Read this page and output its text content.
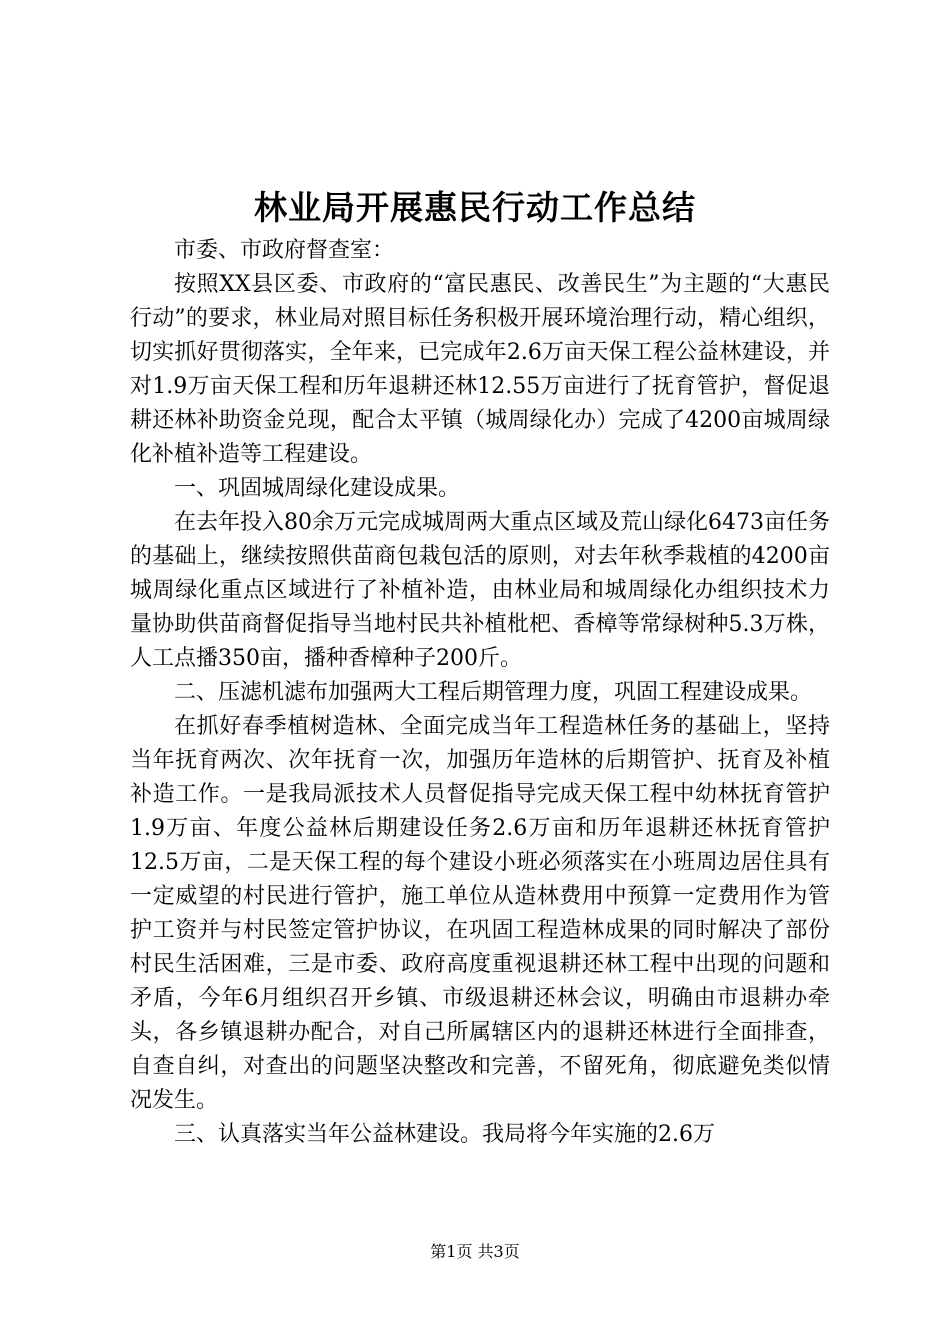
林业局开展惠民行动工作总结

市委、市政府督查室：

按照XX县区委、市政府的“富民惠民、改善民生”为主题的“大惠民行动”的要求，林业局对照目标任务积极开展环境治理行动，精心组织，切实抓好贯彻落实，全年来，已完成年2.6万亩天保工程公益林建设，并对1.9万亩天保工程和历年退耕还林12.55万亩进行了抚育管护，督促退耕还林补助资金兑现，配合太平镇（城周绿化办）完成了4200亩城周绿化补植补造等工程建设。

一、巩固城周绿化建设成果。

在去年投入80余万元完成城周两大重点区域及荒山绿化6473亩任务的基础上，继续按照供苗商包栽包活的原则，对去年秋季栽植的4200亩城周绿化重点区域进行了补植补造，由林业局和城周绿化办组织技术力量协助供苗商督促指导当地村民共补植枇杷、香樟等常绿树种5.3万株，人工点播350亩，播种香樟种子200斤。

二、压滤机滤布加强两大工程后期管理力度，巩固工程建设成果。

在抓好春季植树造林、全面完成当年工程造林任务的基础上，坚持当年抚育两次、次年抚育一次，加强历年造林的后期管护、抚育及补植补造工作。一是我局派技术人员督促指导完成天保工程中幼林抚育管护1.9万亩、年度公益林后期建设任务2.6万亩和历年退耕还林抚育管护12.5万亩，二是天保工程的每个建设小班必须落实在小班周边居住具有一定威望的村民进行管护，施工单位从造林费用中预算一定费用作为管护工资并与村民签定管护协议，在巩固工程造林成果的同时解决了部份村民生活困难，三是市委、政府高度重视退耕还林工程中出现的问题和矛盾，今年6月组织召开乡镇、市级退耕还林会议，明确由市退耕办牵头，各乡镇退耕办配合，对自己所属辖区内的退耕还林进行全面排查，自查自纠，对查出的问题坚决整改和完善，不留死角，彻底避免类似情况发生。

三、认真落实当年公益林建设。我局将今年实施的2.6万

第1页 共3页
